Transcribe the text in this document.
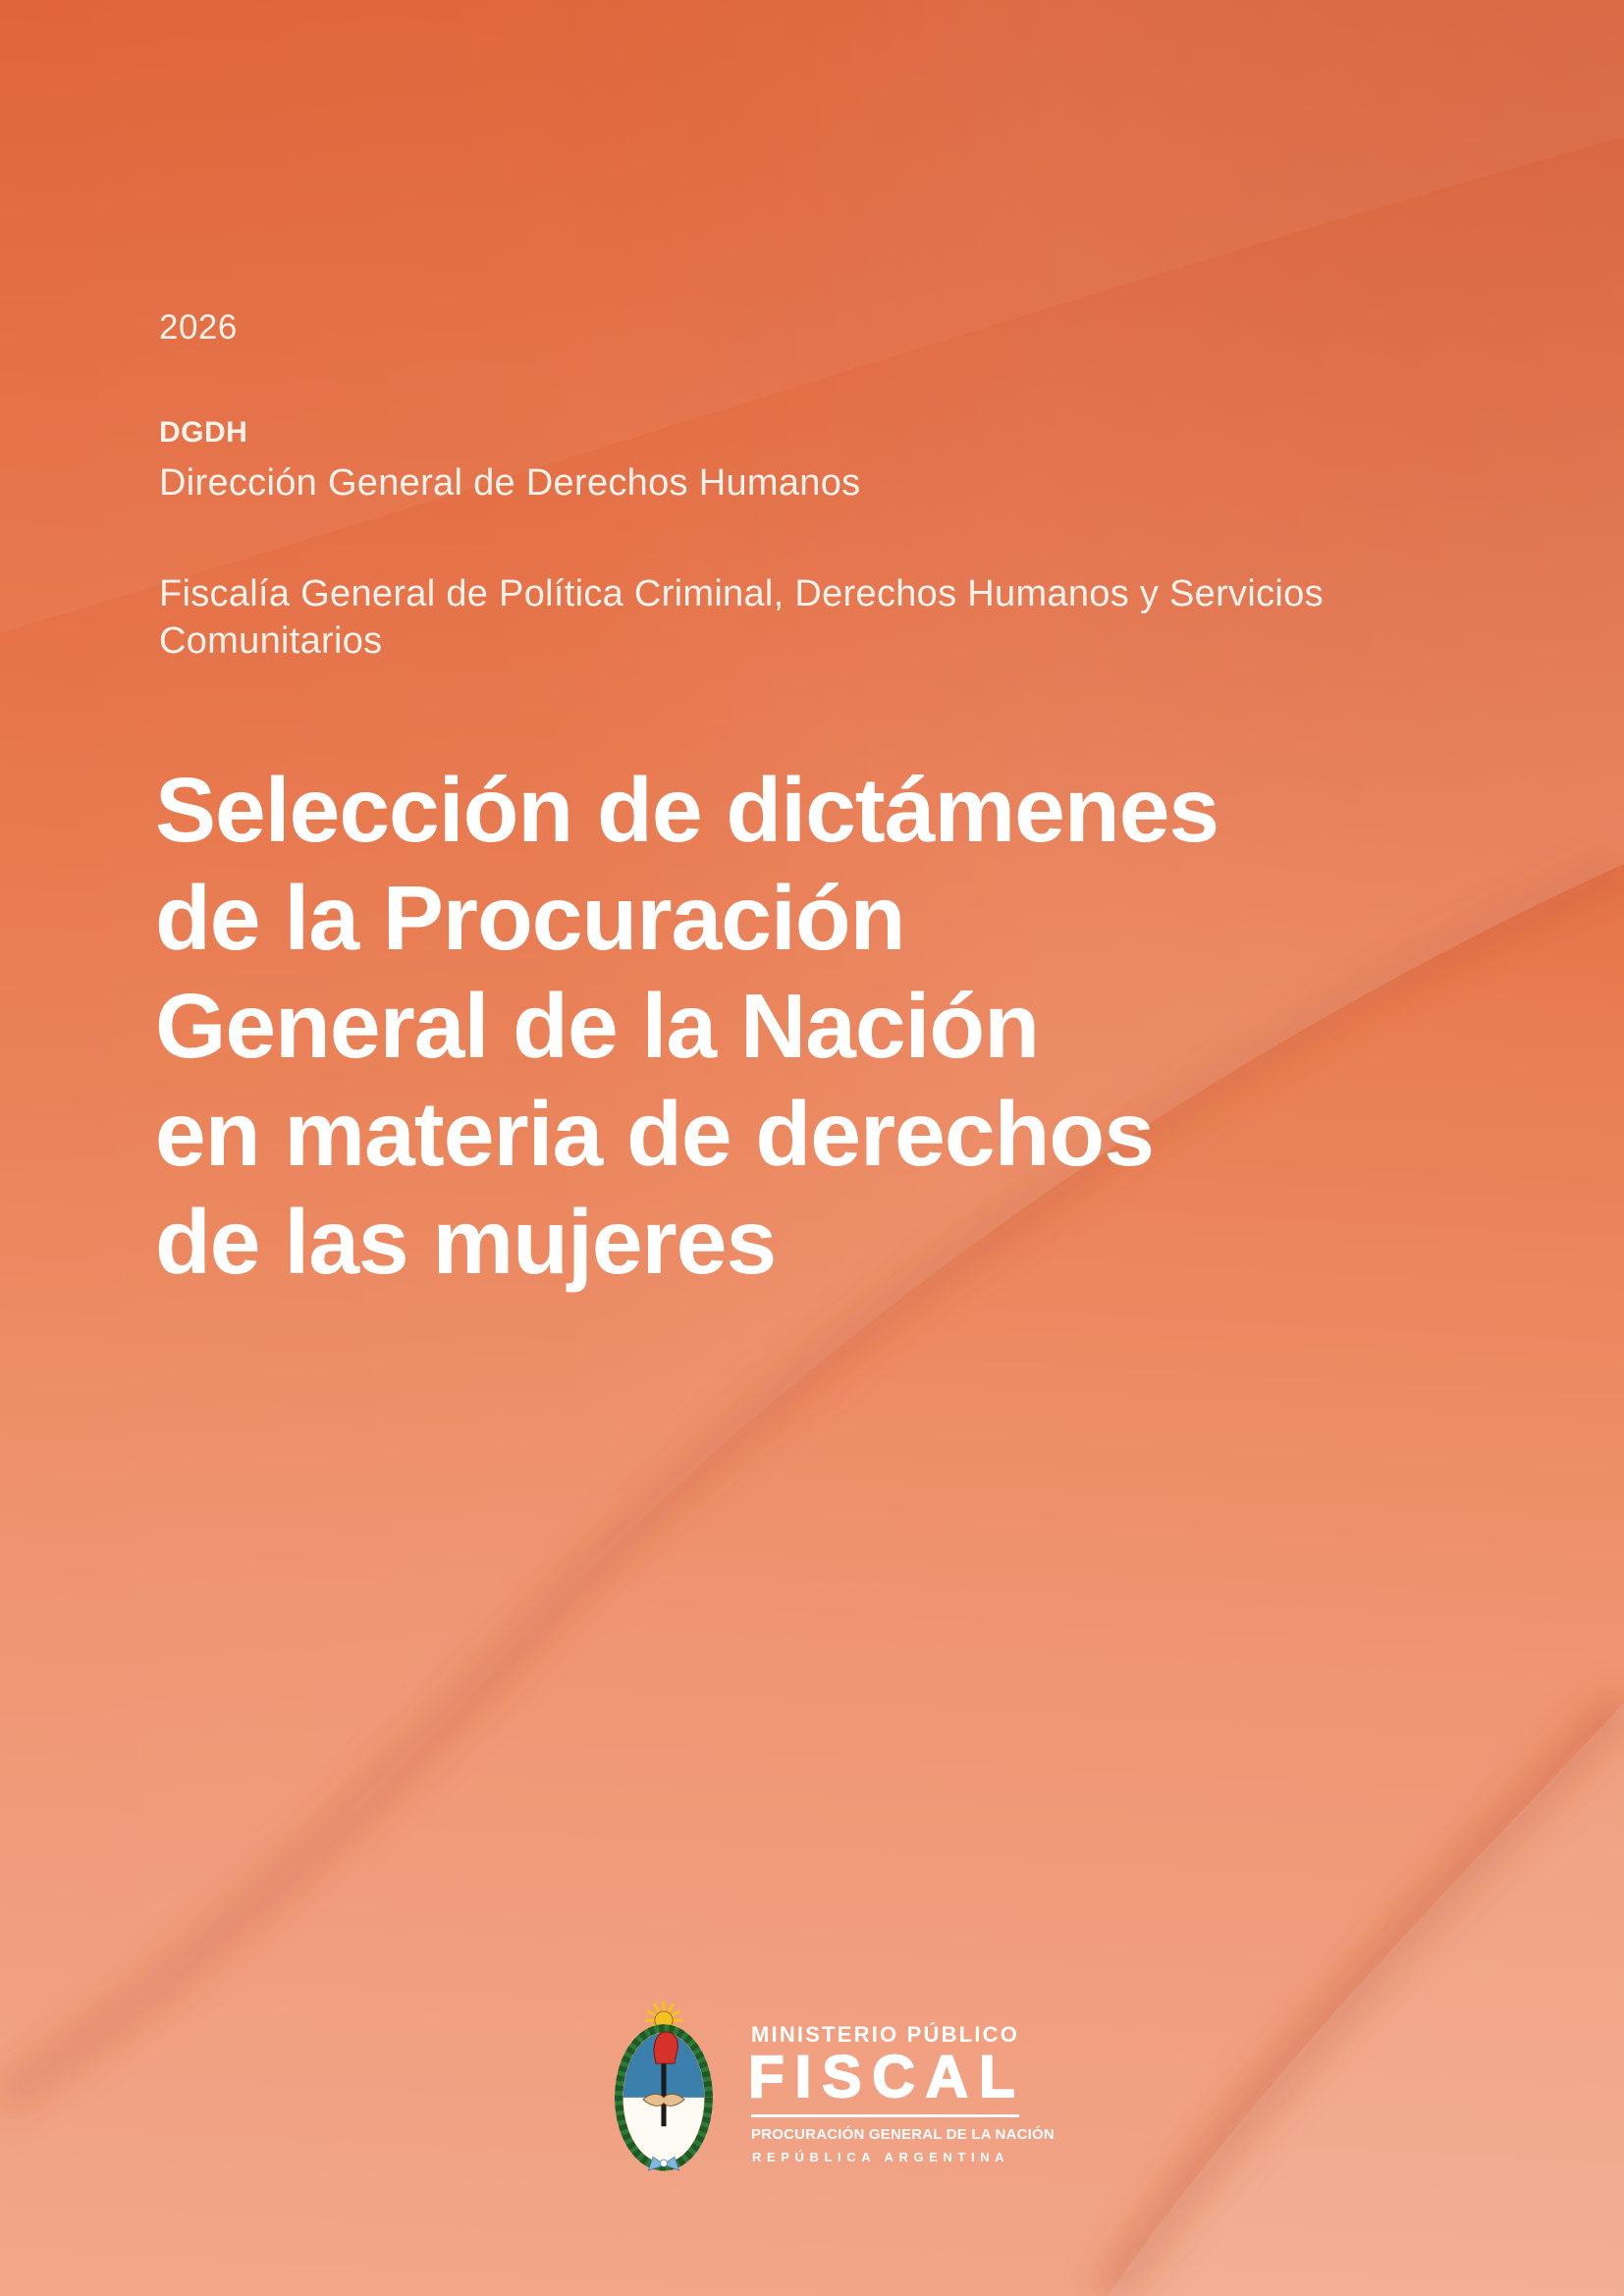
2026
DGDH
Dirección General de Derechos Humanos
Fiscalía General de Política Criminal, Derechos Humanos y Servicios
Comunitarios
Selección de dictámenes
de la Procuración
General de la Nación
en materia de derechos
de las mujeres
MINISTERIO PÚBLICO
FISCAL
PROCURACIÓN GENERAL DE LA NACIÓN
REPÚBLICA ARGENTINA
